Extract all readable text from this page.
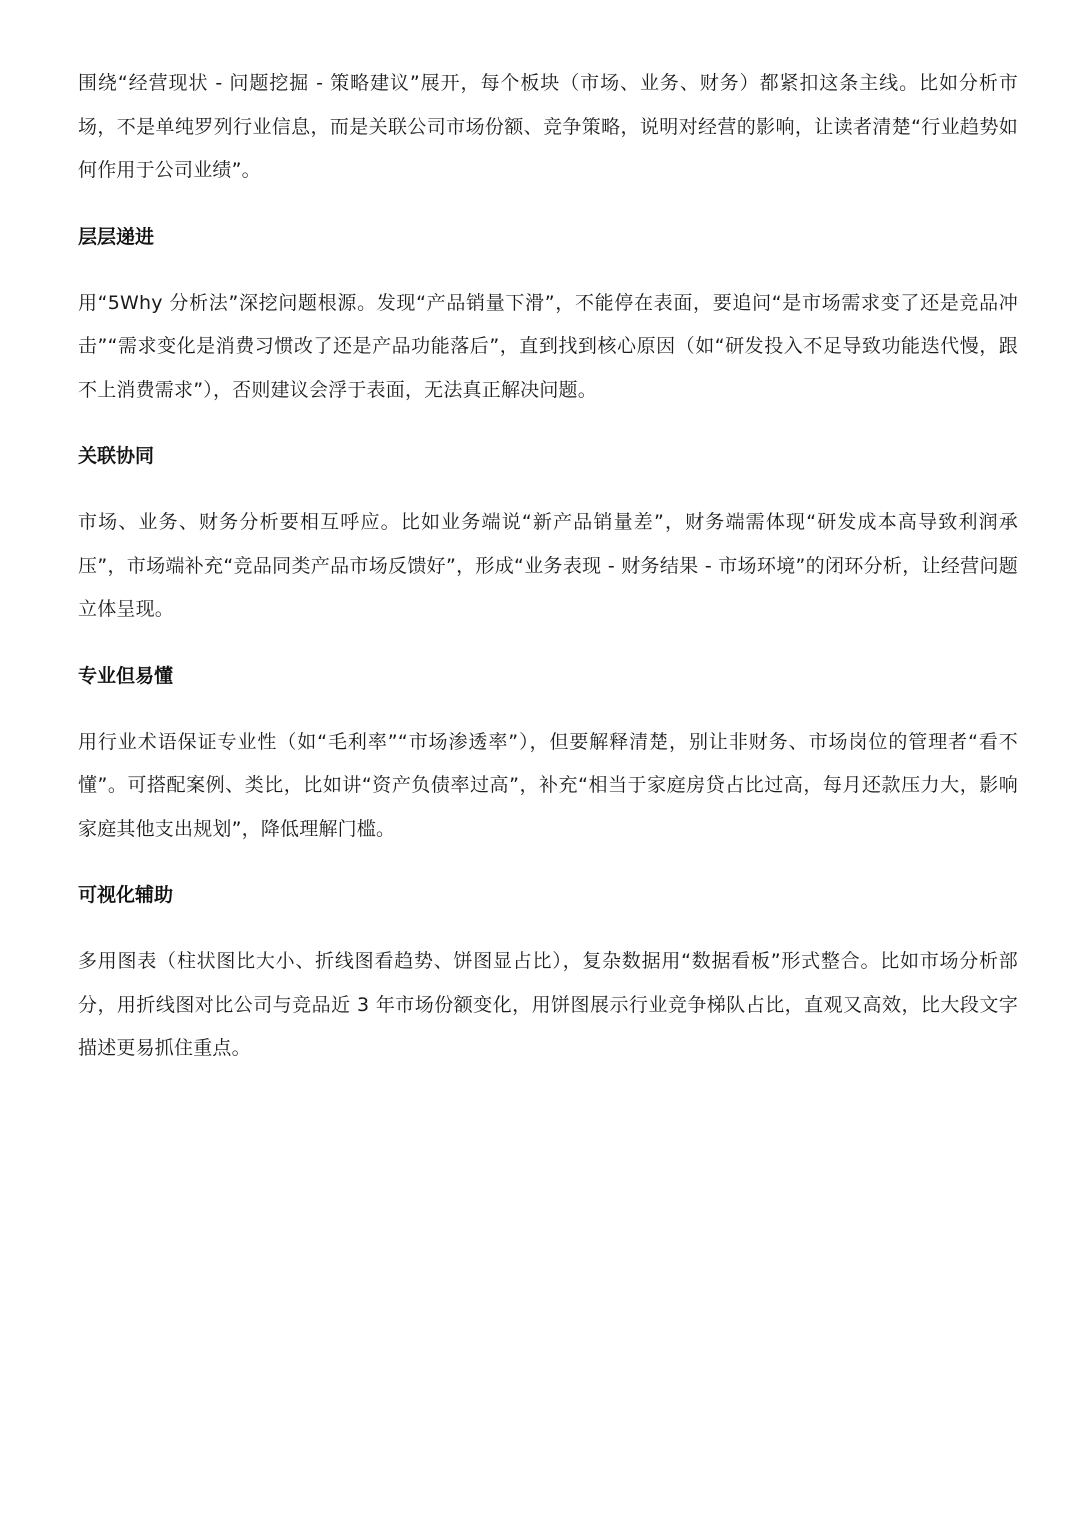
围绕“经营现状 - 问题挖掘 - 策略建议”展开，每个板块（市场、业务、财务）都紧扣这条主线。比如分析市场，不是单纯罗列行业信息，而是关联公司市场份额、竞争策略，说明对经营的影响，让读者清楚“行业趋势如何作用于公司业绩”。

层层递进

用“5Why 分析法”深挖问题根源。发现“产品销量下滑”，不能停在表面，要追问“是市场需求变了还是竞品冲击”“需求变化是消费习惯改了还是产品功能落后”，直到找到核心原因（如“研发投入不足导致功能迭代慢，跟不上消费需求”），否则建议会浮于表面，无法真正解决问题。

关联协同

市场、业务、财务分析要相互呼应。比如业务端说“新产品销量差”，财务端需体现“研发成本高导致利润承压”，市场端补充“竞品同类产品市场反馈好”，形成“业务表现 - 财务结果 - 市场环境”的闭环分析，让经营问题立体呈现。

专业但易懂

用行业术语保证专业性（如“毛利率”“市场渗透率”），但要解释清楚，别让非财务、市场岗位的管理者“看不懂”。可搭配案例、类比，比如讲“资产负债率过高”，补充“相当于家庭房贷占比过高，每月还款压力大，影响家庭其他支出规划”，降低理解门槛。

可视化辅助

多用图表（柱状图比大小、折线图看趋势、饼图显占比），复杂数据用“数据看板”形式整合。比如市场分析部分，用折线图对比公司与竞品近 3 年市场份额变化，用饼图展示行业竞争梯队占比，直观又高效，比大段文字描述更易抓住重点。
